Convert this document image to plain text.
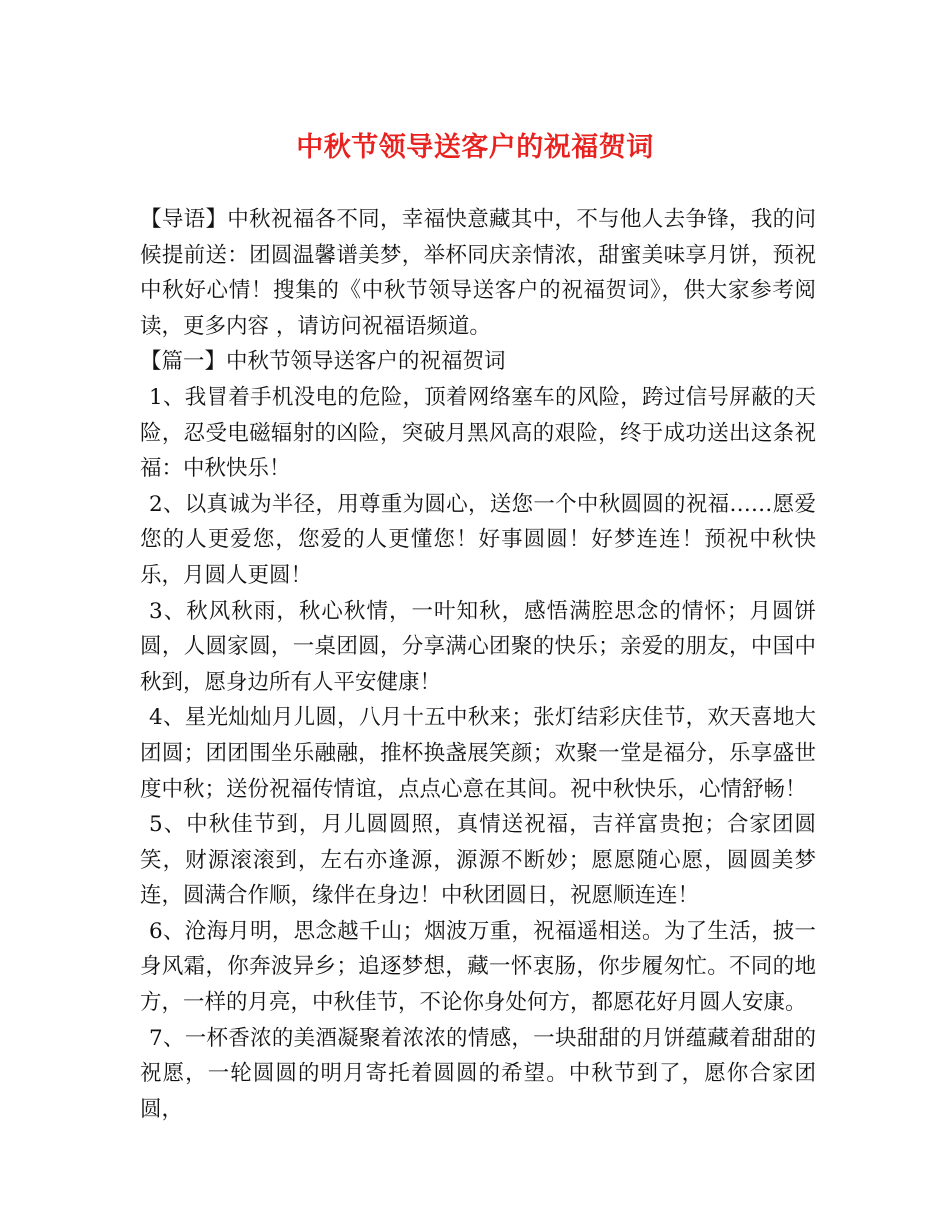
中秋节领导送客户的祝福贺词

【导语】中秋祝福各不同，幸福快意藏其中，不与他人去争锋，我的问候提前送：团圆温馨谱美梦，举杯同庆亲情浓，甜蜜美味享月饼，预祝中秋好心情！搜集的《中秋节领导送客户的祝福贺词》，供大家参考阅读，更多内容 ，请访问祝福语频道。

【篇一】中秋节领导送客户的祝福贺词

1、我冒着手机没电的危险，顶着网络塞车的风险，跨过信号屏蔽的天险，忍受电磁辐射的凶险，突破月黑风高的艰险，终于成功送出这条祝福：中秋快乐！

2、以真诚为半径，用尊重为圆心，送您一个中秋圆圆的祝福……愿爱您的人更爱您，您爱的人更懂您！好事圆圆！好梦连连！预祝中秋快乐，月圆人更圆！

3、秋风秋雨，秋心秋情，一叶知秋，感悟满腔思念的情怀；月圆饼圆，人圆家圆，一桌团圆，分享满心团聚的快乐；亲爱的朋友，中国中秋到，愿身边所有人平安健康！

4、星光灿灿月儿圆，八月十五中秋来；张灯结彩庆佳节，欢天喜地大团圆；团团围坐乐融融，推杯换盏展笑颜；欢聚一堂是福分，乐享盛世度中秋；送份祝福传情谊，点点心意在其间。祝中秋快乐，心情舒畅！

5、中秋佳节到，月儿圆圆照，真情送祝福，吉祥富贵抱；合家团圆笑，财源滚滚到，左右亦逢源，源源不断妙；愿愿随心愿，圆圆美梦连，圆满合作顺，缘伴在身边！中秋团圆日，祝愿顺连连！

6、沧海月明，思念越千山；烟波万重，祝福遥相送。为了生活，披一身风霜，你奔波异乡；追逐梦想，藏一怀衷肠，你步履匆忙。不同的地方，一样的月亮，中秋佳节，不论你身处何方，都愿花好月圆人安康。

7、一杯香浓的美酒凝聚着浓浓的情感，一块甜甜的月饼蕴藏着甜甜的祝愿，一轮圆圆的明月寄托着圆圆的希望。中秋节到了，愿你合家团圆，
